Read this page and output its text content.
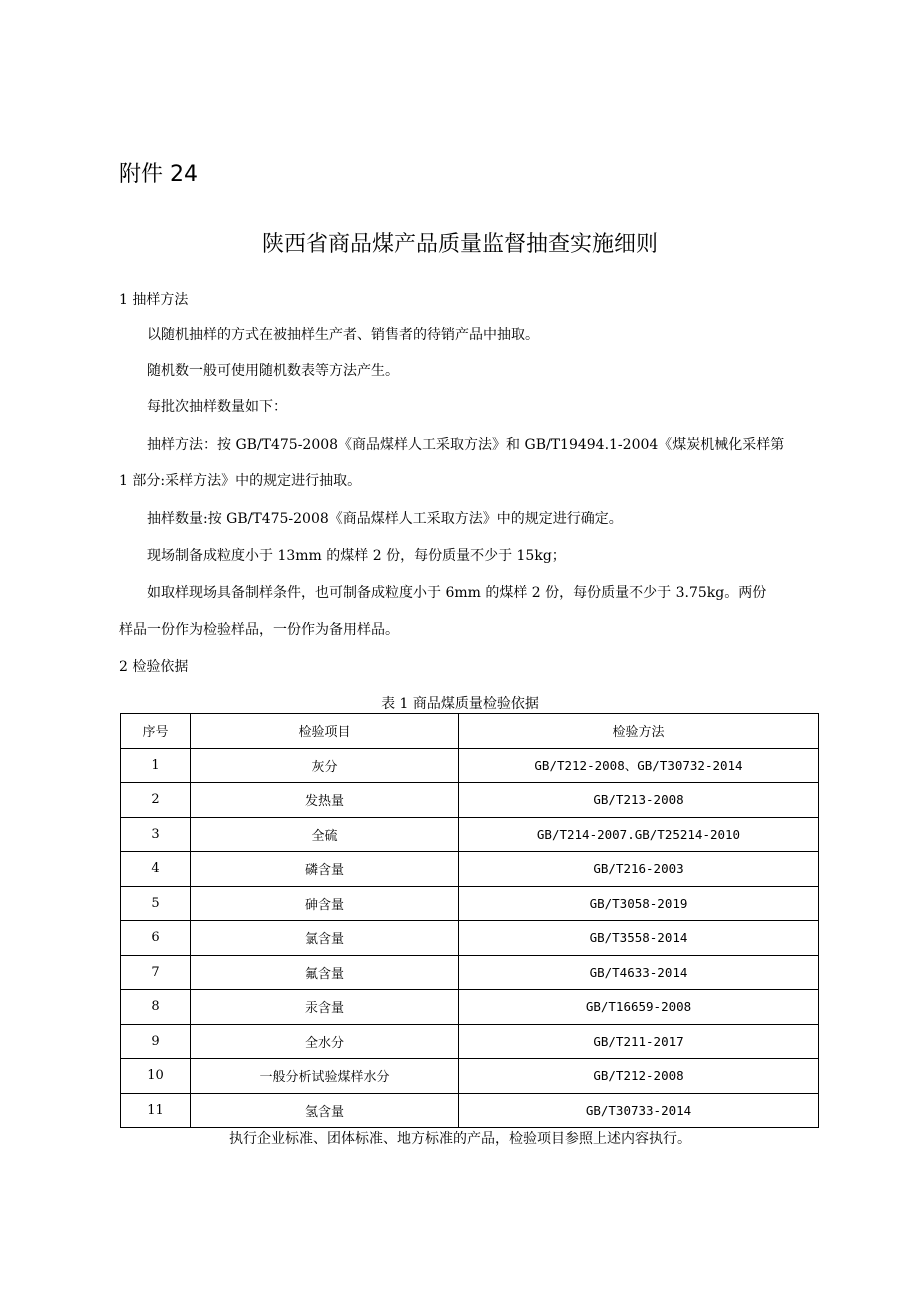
附件 24
陕西省商品煤产品质量监督抽查实施细则
1 抽样方法
以随机抽样的方式在被抽样生产者、销售者的待销产品中抽取。
随机数一般可使用随机数表等方法产生。
每批次抽样数量如下：
抽样方法：按 GB/T475-2008《商品煤样人工采取方法》和 GB/T19494.1-2004《煤炭机械化采样第
1 部分:采样方法》中的规定进行抽取。
抽样数量:按 GB/T475-2008《商品煤样人工采取方法》中的规定进行确定。
现场制备成粒度小于 13mm 的煤样 2 份，每份质量不少于 15kg；
如取样现场具备制样条件，也可制备成粒度小于 6mm 的煤样 2 份，每份质量不少于 3.75kg。两份
样品一份作为检验样品，一份作为备用样品。
2 检验依据
表 1 商品煤质量检验依据
序号	检验项目	检验方法
1	灰分	GB/T212-2008、GB/T30732-2014
2	发热量	GB/T213-2008
3	全硫	GB/T214-2007.GB/T25214-2010
4	磷含量	GB/T216-2003
5	砷含量	GB/T3058-2019
6	氯含量	GB/T3558-2014
7	氟含量	GB/T4633-2014
8	汞含量	GB/T16659-2008
9	全水分	GB/T211-2017
10	一般分析试验煤样水分	GB/T212-2008
11	氢含量	GB/T30733-2014
执行企业标准、团体标准、地方标准的产品，检验项目参照上述内容执行。
